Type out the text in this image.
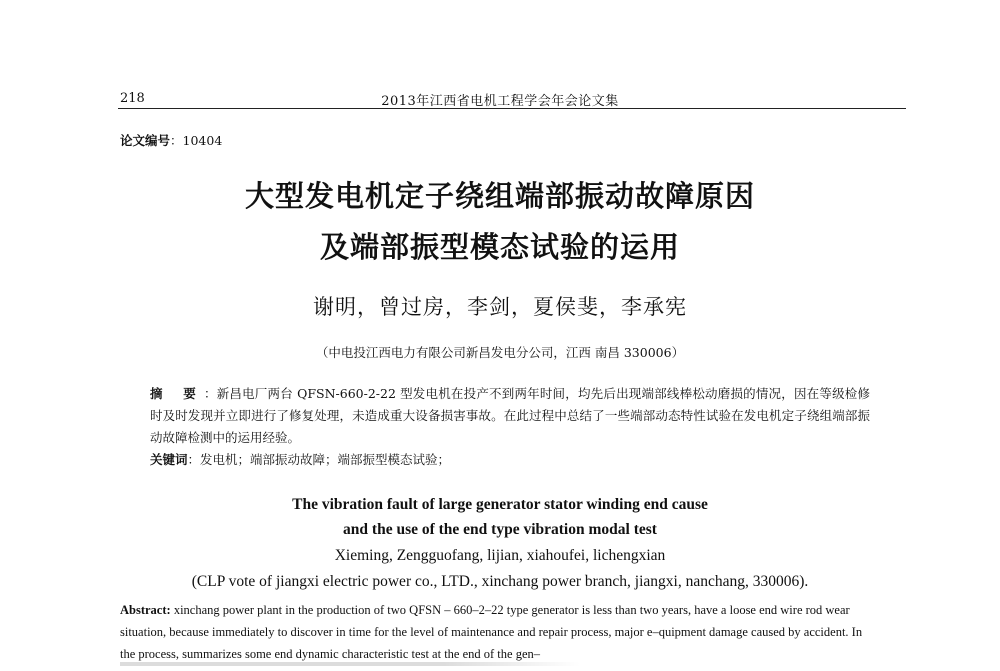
218	2013年江西省电机工程学会年会论文集
论文编号：10404
大型发电机定子绕组端部振动故障原因
及端部振型模态试验的运用
谢明，曾过房，李剑，夏侯斐，李承宪
（中电投江西电力有限公司新昌发电分公司，江西 南昌 330006）
摘 要：新昌电厂两台 QFSN-660-2-22 型发电机在投产不到两年时间，均先后出现端部线棒松动磨损的情况，因在等级检修时及时发现并立即进行了修复处理，未造成重大设备损害事故。在此过程中总结了一些端部动态特性试验在发电机定子绕组端部振动故障检测中的运用经验。
关键词：发电机；端部振动故障；端部振型模态试验；
The vibration fault of large generator stator winding end cause
and the use of the end type vibration modal test
Xieming, Zengguofang, lijian, xiahoufei, lichengxian
(CLP vote of jiangxi electric power co., LTD., xinchang power branch, jiangxi, nanchang, 330006).
Abstract: xinchang power plant in the production of two QFSN – 660–2–22 type generator is less than two years, have a loose end wire rod wear situation, because immediately to discover in time for the level of maintenance and repair process, major e–quipment damage caused by accident. In the process, summarizes some end dynamic characteristic test at the end of the gen–
